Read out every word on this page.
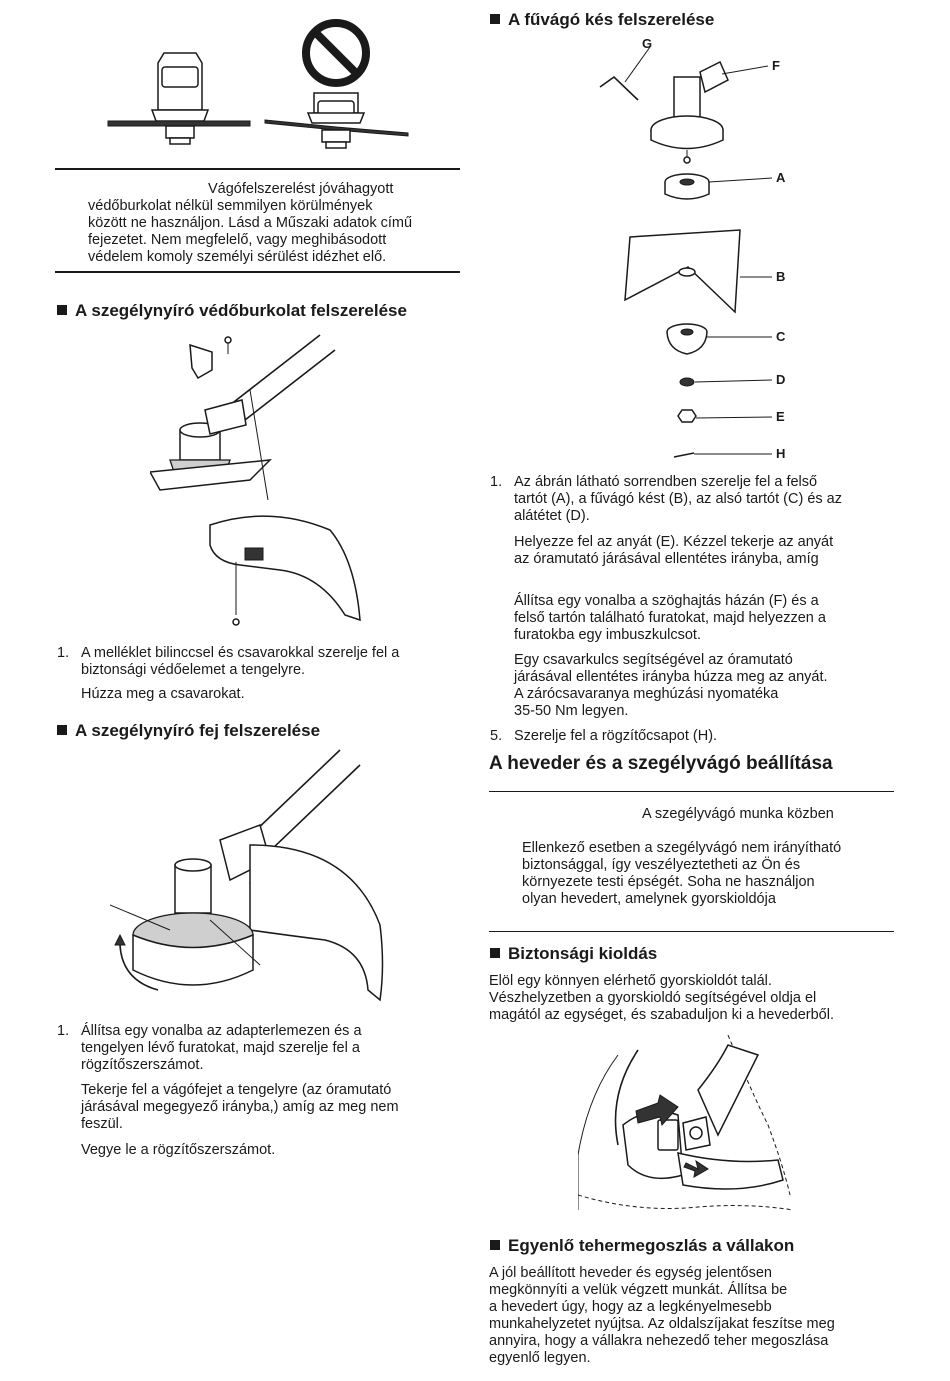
Vágófelszerelést jóváhagyott
védőburkolat nélkül semmilyen körülmények
között ne használjon. Lásd a Műszaki adatok című
fejezetet. Nem megfelelő, vagy meghibásodott
védelem komoly személyi sérülést idézhet elő.
A szegélynyíró védőburkolat felszerelése
1. A melléklet bilinccsel és csavarokkal szerelje fel a
biztonsági védőelemet a tengelyre.
Húzza meg a csavarokat.
A szegélynyíró fej felszerelése
1. Állítsa egy vonalba az adapterlemezen és a
tengelyen lévő furatokat, majd szerelje fel a
rögzítőszerszámot.
Tekerje fel a vágófejet a tengelyre (az óramutató
járásával megegyező irányba,) amíg az meg nem
feszül.
Vegye le a rögzítőszerszámot.
A fűvágó kés felszerelése
G
F
A
B
C
D
E
H
1. Az ábrán látható sorrendben szerelje fel a felső
tartót (A), a fűvágó kést (B), az alsó tartót (C) és az
alátétet (D).
Helyezze fel az anyát (E). Kézzel tekerje az anyát
az óramutató járásával ellentétes irányba, amíg
Állítsa egy vonalba a szöghajtás házán (F) és a
felső tartón található furatokat, majd helyezzen a
furatokba egy imbuszkulcsot.
Egy csavarkulcs segítségével az óramutató
járásával ellentétes irányba húzza meg az anyát.
A zárócsavaranya meghúzási nyomatéka
35-50 Nm legyen.
5. Szerelje fel a rögzítőcsapot (H).
A heveder és a szegélyvágó beállítása
A szegélyvágó munka közben
Ellenkező esetben a szegélyvágó nem irányítható
biztonsággal, így veszélyeztetheti az Ön és
környezete testi épségét. Soha ne használjon
olyan hevedert, amelynek gyorskioldója
Biztonsági kioldás
Elöl egy könnyen elérhető gyorskioldót talál.
Vészhelyzetben a gyorskioldó segítségével oldja el
magától az egységet, és szabaduljon ki a hevederből.
Egyenlő tehermegoszlás a vállakon
A jól beállított heveder és egység jelentősen
megkönnyíti a velük végzett munkát. Állítsa be
a hevedert úgy, hogy az a legkényelmesebb
munkahelyzetet nyújtsa. Az oldalszíjakat feszítse meg
annyira, hogy a vállakra nehezedő teher megoszlása
egyenlő legyen.
